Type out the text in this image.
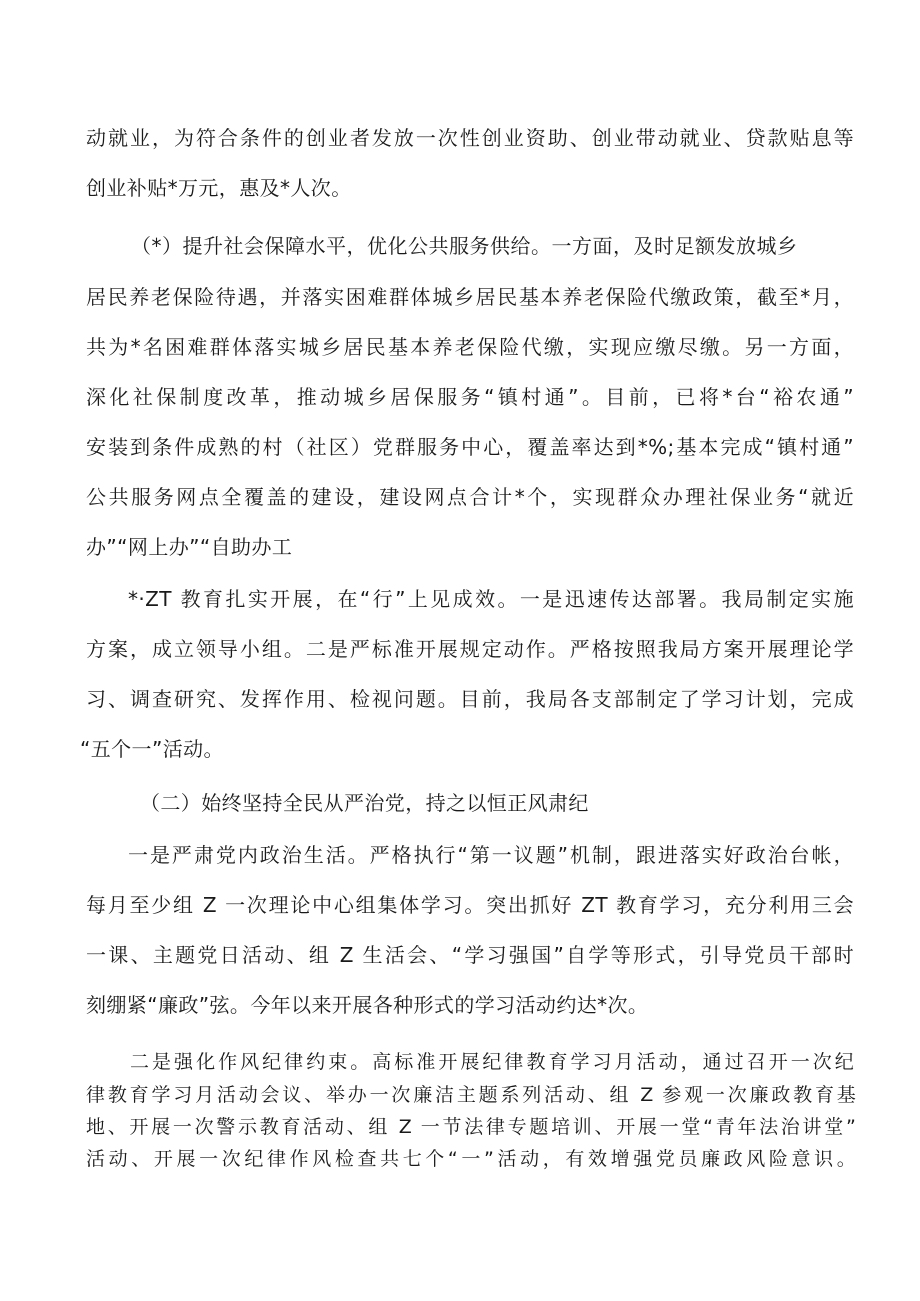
动就业，为符合条件的创业者发放一次性创业资助、创业带动就业、贷款贴息等
创业补贴*万元，惠及*人次。
（*）提升社会保障水平，优化公共服务供给。一方面，及时足额发放城乡
居民养老保险待遇，并落实困难群体城乡居民基本养老保险代缴政策，截至*月，
共为*名困难群体落实城乡居民基本养老保险代缴，实现应缴尽缴。另一方面，
深化社保制度改革，推动城乡居保服务“镇村通”。目前，已将*台“裕农通”
安装到条件成熟的村（社区）党群服务中心，覆盖率达到*%;基本完成“镇村通”
公共服务网点全覆盖的建设，建设网点合计*个，实现群众办理社保业务“就近
办”“网上办”“自助办工
*·ZT 教育扎实开展，在“行”上见成效。一是迅速传达部署。我局制定实施
方案，成立领导小组。二是严标准开展规定动作。严格按照我局方案开展理论学
习、调查研究、发挥作用、检视问题。目前，我局各支部制定了学习计划，完成
“五个一”活动。
（二）始终坚持全民从严治党，持之以恒正风肃纪
一是严肃党内政治生活。严格执行“第一议题”机制，跟进落实好政治台帐，
每月至少组 Z 一次理论中心组集体学习。突出抓好 ZT 教育学习，充分利用三会
一课、主题党日活动、组 Z 生活会、“学习强国”自学等形式，引导党员干部时
刻绷紧“廉政”弦。今年以来开展各种形式的学习活动约达*次。
二是强化作风纪律约束。高标准开展纪律教育学习月活动，通过召开一次纪
律教育学习月活动会议、举办一次廉洁主题系列活动、组 Z 参观一次廉政教育基
地、开展一次警示教育活动、组 Z 一节法律专题培训、开展一堂“青年法治讲堂”
活动、开展一次纪律作风检查共七个“一”活动，有效增强党员廉政风险意识。
